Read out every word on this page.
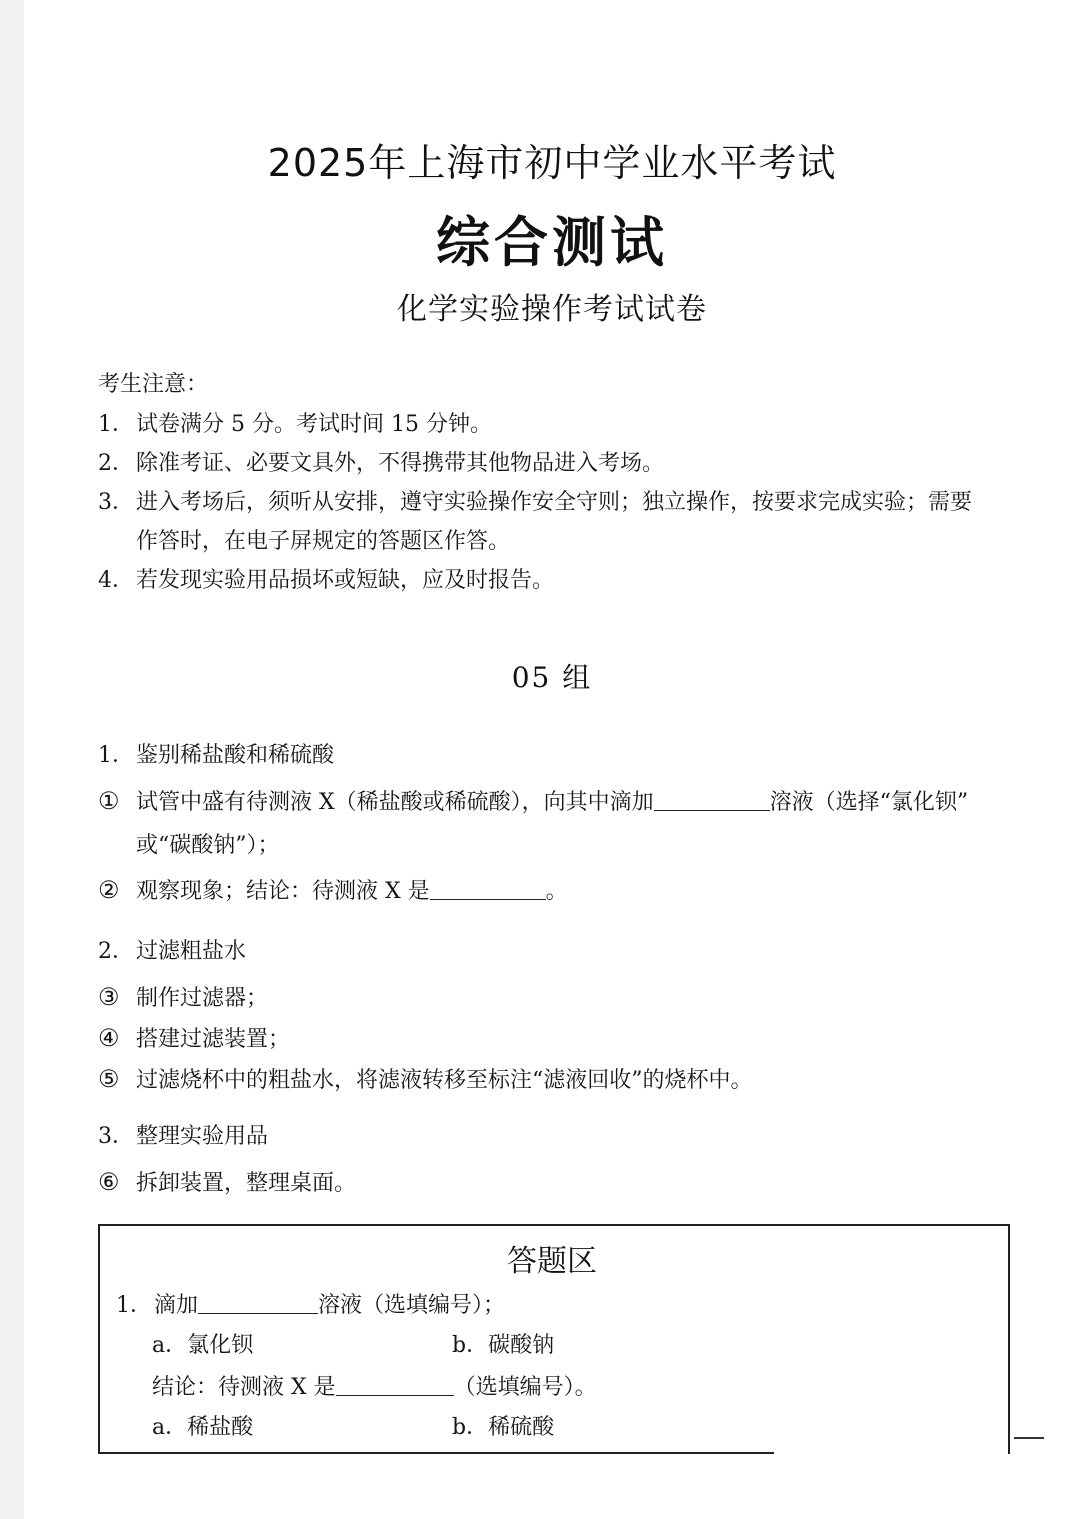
2025年上海市初中学业水平考试
综合测试
化学实验操作考试试卷
考生注意：
1．试卷满分 5 分。考试时间 15 分钟。
2．除准考证、必要文具外，不得携带其他物品进入考场。
3．进入考场后，须听从安排，遵守实验操作安全守则；独立操作，按要求完成实验；需要
作答时，在电子屏规定的答题区作答。
4．若发现实验用品损坏或短缺，应及时报告。
05 组
1．鉴别稀盐酸和稀硫酸
① 试管中盛有待测液 X（稀盐酸或稀硫酸），向其中滴加	溶液（选择“氯化钡”
或“碳酸钠”）；
② 观察现象；结论：待测液 X 是	。
2．过滤粗盐水
③ 制作过滤器；
④ 搭建过滤装置；
⑤ 过滤烧杯中的粗盐水，将滤液转移至标注“滤液回收”的烧杯中。
3．整理实验用品
⑥ 拆卸装置，整理桌面。
答题区
1．滴加	溶液（选填编号）；
a．氯化钡	b．碳酸钠
结论：待测液 X 是	（选填编号）。
a．稀盐酸	b．稀硫酸
